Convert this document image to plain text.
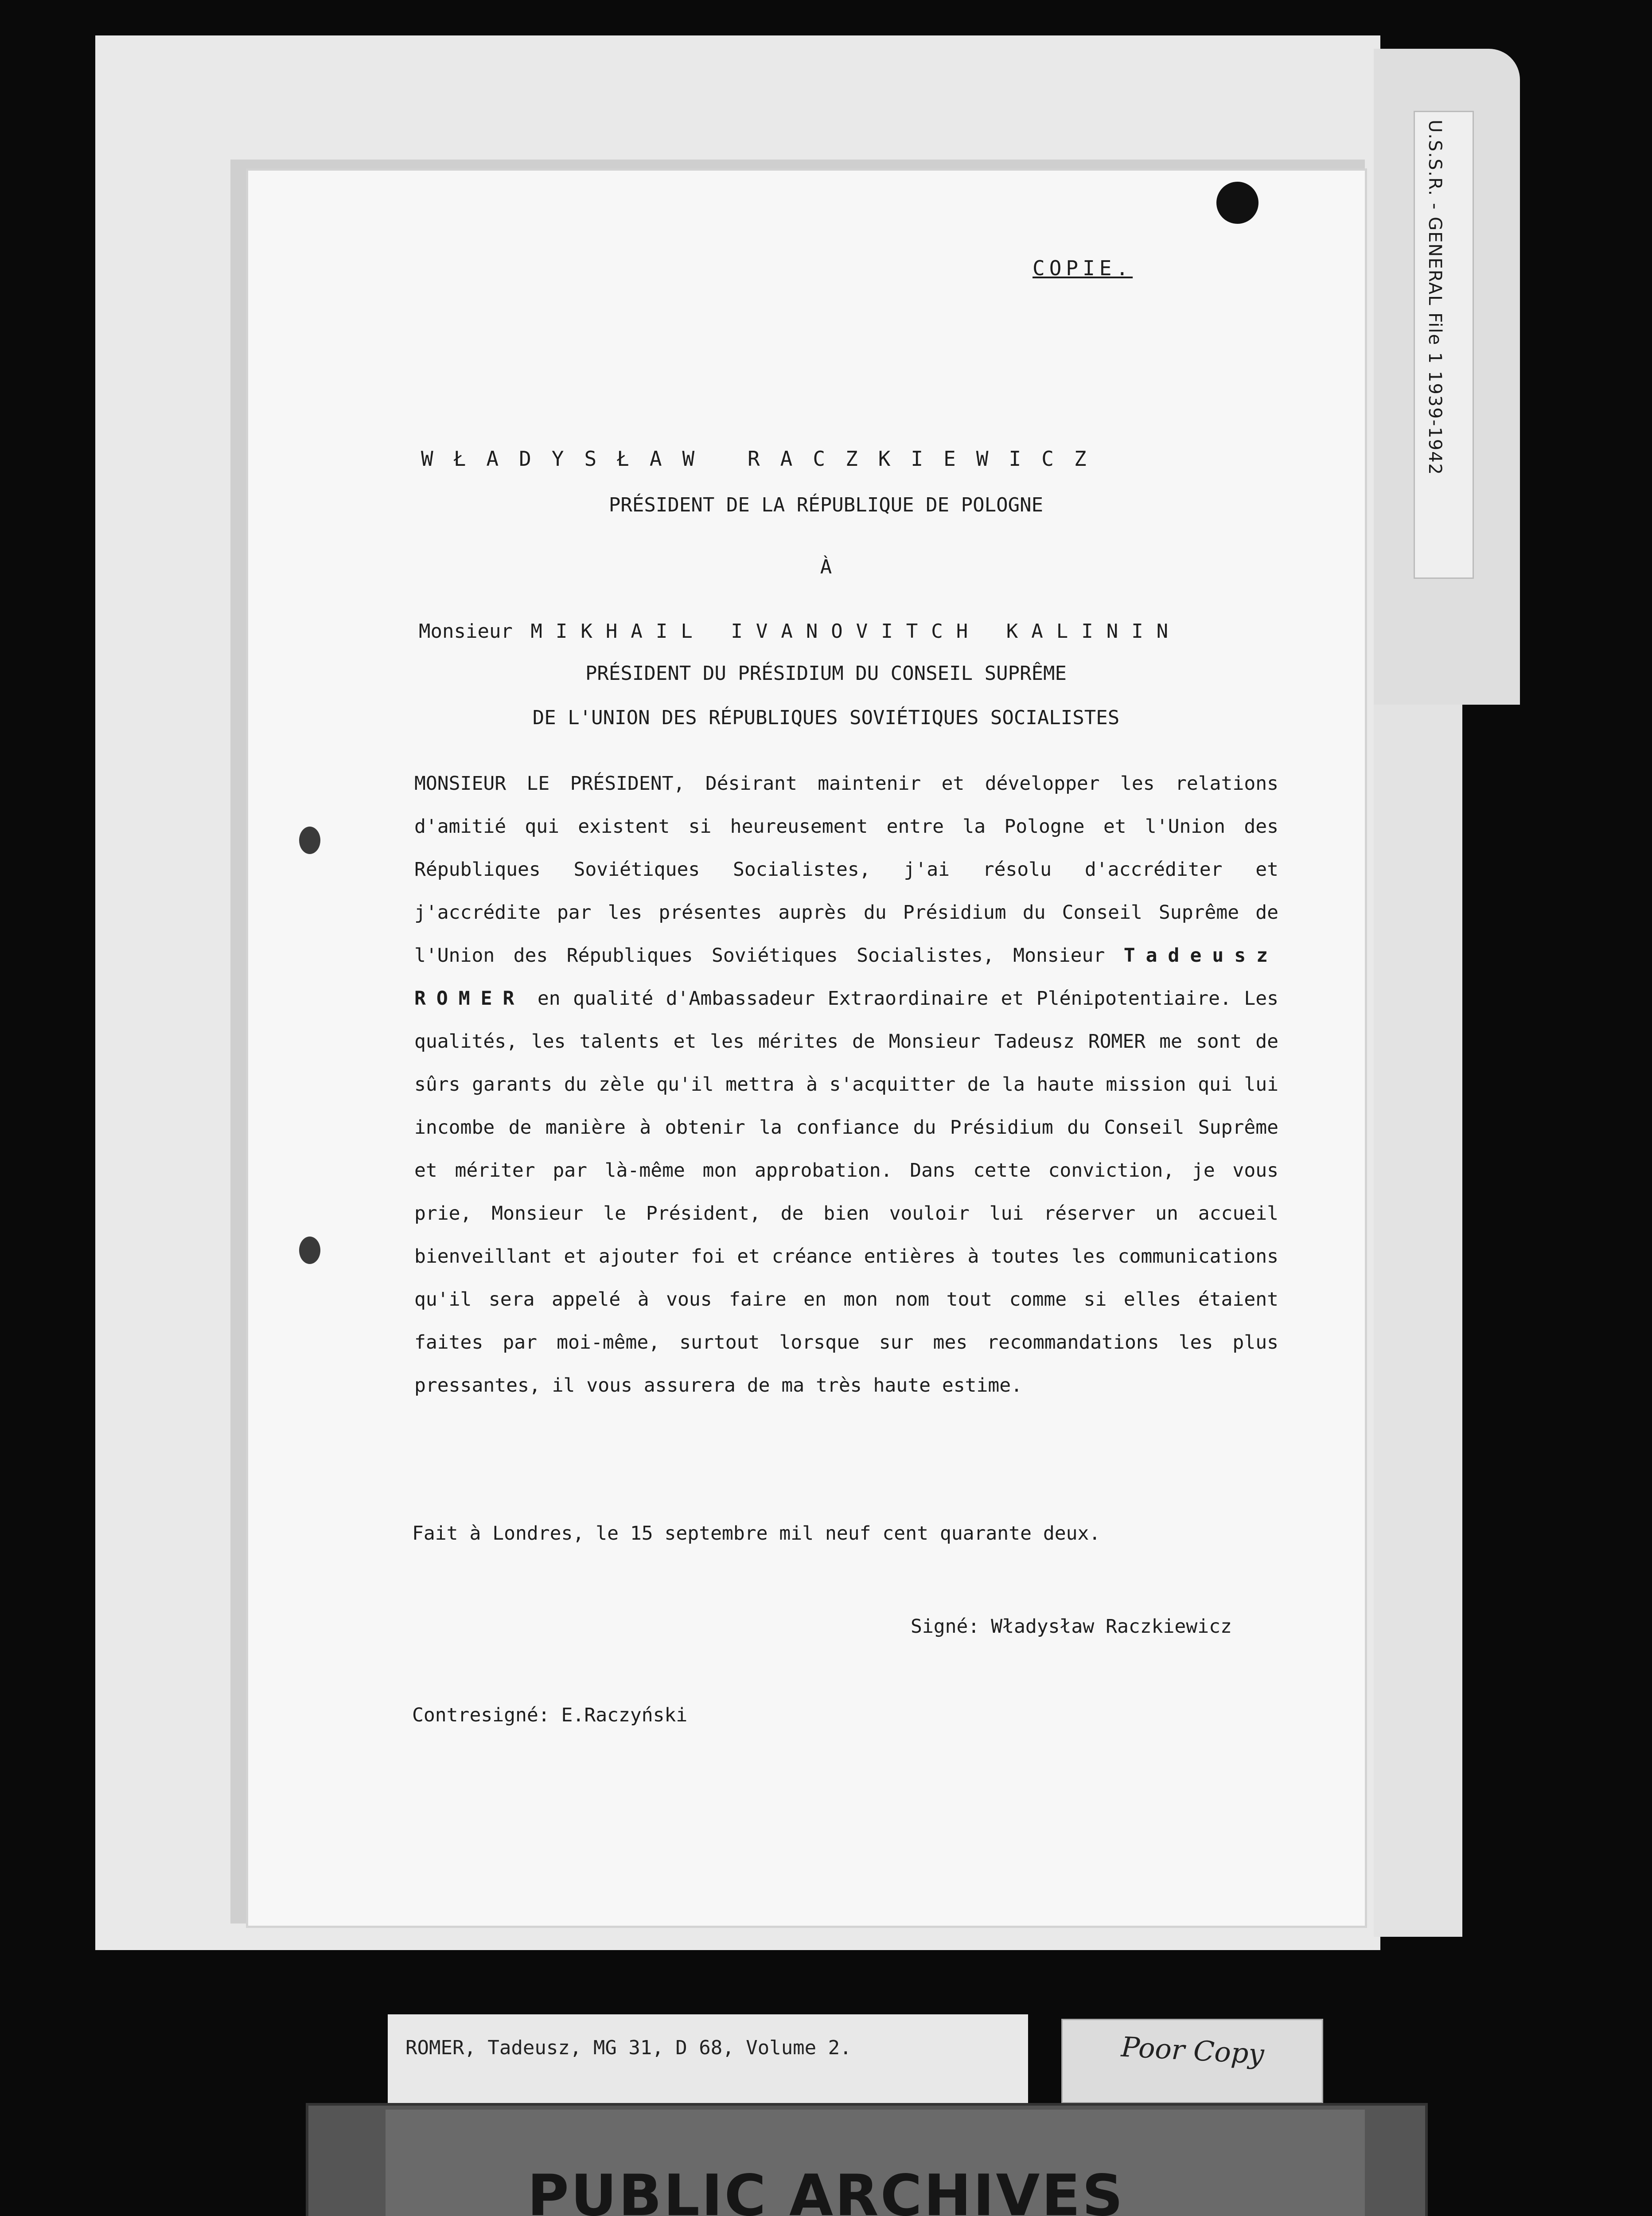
U.S.S.R. - GENERAL File 1 1939-1942
COPIE.
WŁADYSŁAW RACZKIEWICZ
PRÉSIDENT DE LA RÉPUBLIQUE DE POLOGNE
À
Monsieur MIKHAIL IVANOVITCH KALININ
PRÉSIDENT DU PRÉSIDIUM DU CONSEIL SUPRÊME
DE L'UNION DES RÉPUBLIQUES SOVIÉTIQUES SOCIALISTES

MONSIEUR LE PRÉSIDENT, Désirant maintenir et développer les relations d'amitié qui existent si heureusement entre la Pologne et l'Union des Républiques Soviétiques Socialistes, j'ai résolu d'accréditer et j'accrédite par les présentes auprès du Présidium du Conseil Suprême de l'Union des Républiques Soviétiques Socialistes, Monsieur Tadeusz ROMER en qualité d'Ambassadeur Extraordinaire et Plénipotentiaire. Les qualités, les talents et les mérites de Monsieur Tadeusz ROMER me sont de sûrs garants du zèle qu'il mettra à s'acquitter de la haute mission qui lui incombe de manière à obtenir la confiance du Présidium du Conseil Suprême et mériter par là-même mon approbation. Dans cette conviction, je vous prie, Monsieur le Président, de bien vouloir lui réserver un accueil bienveillant et ajouter foi et créance entières à toutes les communications qu'il sera appelé à vous faire en mon nom tout comme si elles étaient faites par moi-même, surtout lorsque sur mes recommandations les plus pressantes, il vous assurera de ma très haute estime.

Fait à Londres, le 15 septembre mil neuf cent quarante deux.
Signé: Władysław Raczkiewicz
Contresigné: E.Raczyński
ROMER, Tadeusz, MG 31, D 68, Volume 2.	Poor Copy
PUBLIC ARCHIVES
